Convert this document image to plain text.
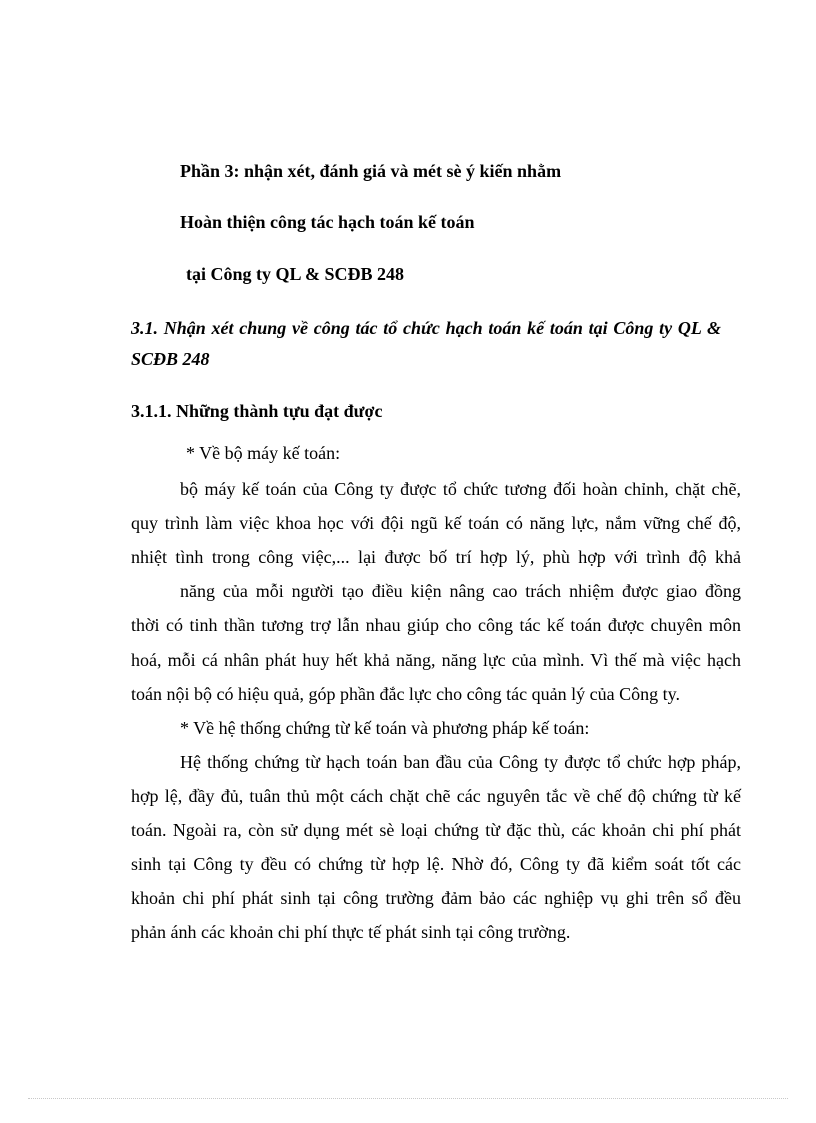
Phần 3: nhận xét, đánh giá và mét sè ý kiến nhằm
Hoàn thiện công tác hạch toán kế toán
tại Công ty QL & SCĐB 248
3.1. Nhận xét chung về công tác tổ chức hạch toán kế toán tại Công ty QL &
SCĐB 248
3.1.1. Những thành tựu đạt được
* Về bộ máy kế toán:
bộ máy kế toán của Công ty được tổ chức tương đối hoàn chỉnh, chặt chẽ,
quy trình làm việc khoa học với đội ngũ kế toán có năng lực, nắm vững chế độ,
nhiệt tình trong công việc,... lại được bố trí hợp lý, phù hợp với trình độ khả
năng của mỗi người tạo điều kiện nâng cao trách nhiệm được giao đồng
thời có tinh thần tương trợ lẫn nhau giúp cho công tác kế toán được chuyên môn
hoá, mỗi cá nhân phát huy hết khả năng, năng lực của mình. Vì thế mà việc hạch
toán nội bộ có hiệu quả, góp phần đắc lực cho công tác quản lý của Công ty.
* Về hệ thống chứng từ kế toán và phương pháp kế toán:
Hệ thống chứng từ hạch toán ban đầu của Công ty được tổ chức hợp pháp,
hợp lệ, đầy đủ, tuân thủ một cách chặt chẽ các nguyên tắc về chế độ chứng từ kế
toán. Ngoài ra, còn sử dụng mét sè loại chứng từ đặc thù, các khoản chi phí phát
sinh tại Công ty đều có chứng từ hợp lệ. Nhờ đó, Công ty đã kiểm soát tốt các
khoản chi phí phát sinh tại công trường đảm bảo các nghiệp vụ ghi trên sổ đều
phản ánh các khoản chi phí thực tế phát sinh tại công trường.
